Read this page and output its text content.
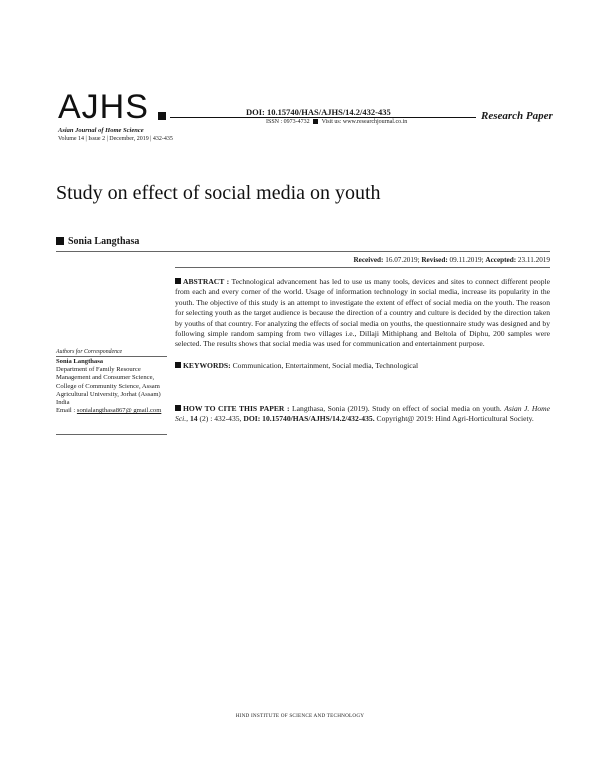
AJHS
Asian Journal of Home Science
Volume 14 | Issue 2 | December, 2019 | 432-435
DOI: 10.15740/HAS/AJHS/14.2/432-435
ISSN : 0973-4732 Visit us: www.researchjournal.co.in	Research Paper
Study on effect of social media on youth
Sonia Langthasa
Received: 16.07.2019; Revised: 09.11.2019; Accepted: 23.11.2019
ABSTRACT : Technological advancement has led to use us many tools, devices and sites to connect different people from each and every corner of the world. Usage of information technology in social media, increase its popularity in the youth. The objective of this study is an attempt to investigate the extent of effect of social media on the youth. The reason for selecting youth as the target audience is because the direction of a country and culture is decided by the direction taken by youths of that country. For analyzing the effects of social media on youths, the questionnaire study was designed and by following simple random samping from two villages i.e., Dillaji Mithiphang and Beltola of Diphu, 200 samples were selected. The results shows that social media was used for communication and entertainment purpose.
KEYWORDS: Communication, Entertainment, Social media, Technological
HOW TO CITE THIS PAPER : Langthasa, Sonia (2019). Study on effect of social media on youth. Asian J. Home Sci., 14 (2) : 432-435, DOI: 10.15740/HAS/AJHS/14.2/432-435. Copyright@ 2019: Hind Agri-Horticultural Society.
Authors for Correspondence
Sonia Langthasa
Department of Family Resource Management and Consumer Science, College of Community Science, Assam Agricultural University, Jorhat (Assam) India
Email : sonialangthasa867@ gmail.com
HIND INSTITUTE OF SCIENCE AND TECHNOLOGY
